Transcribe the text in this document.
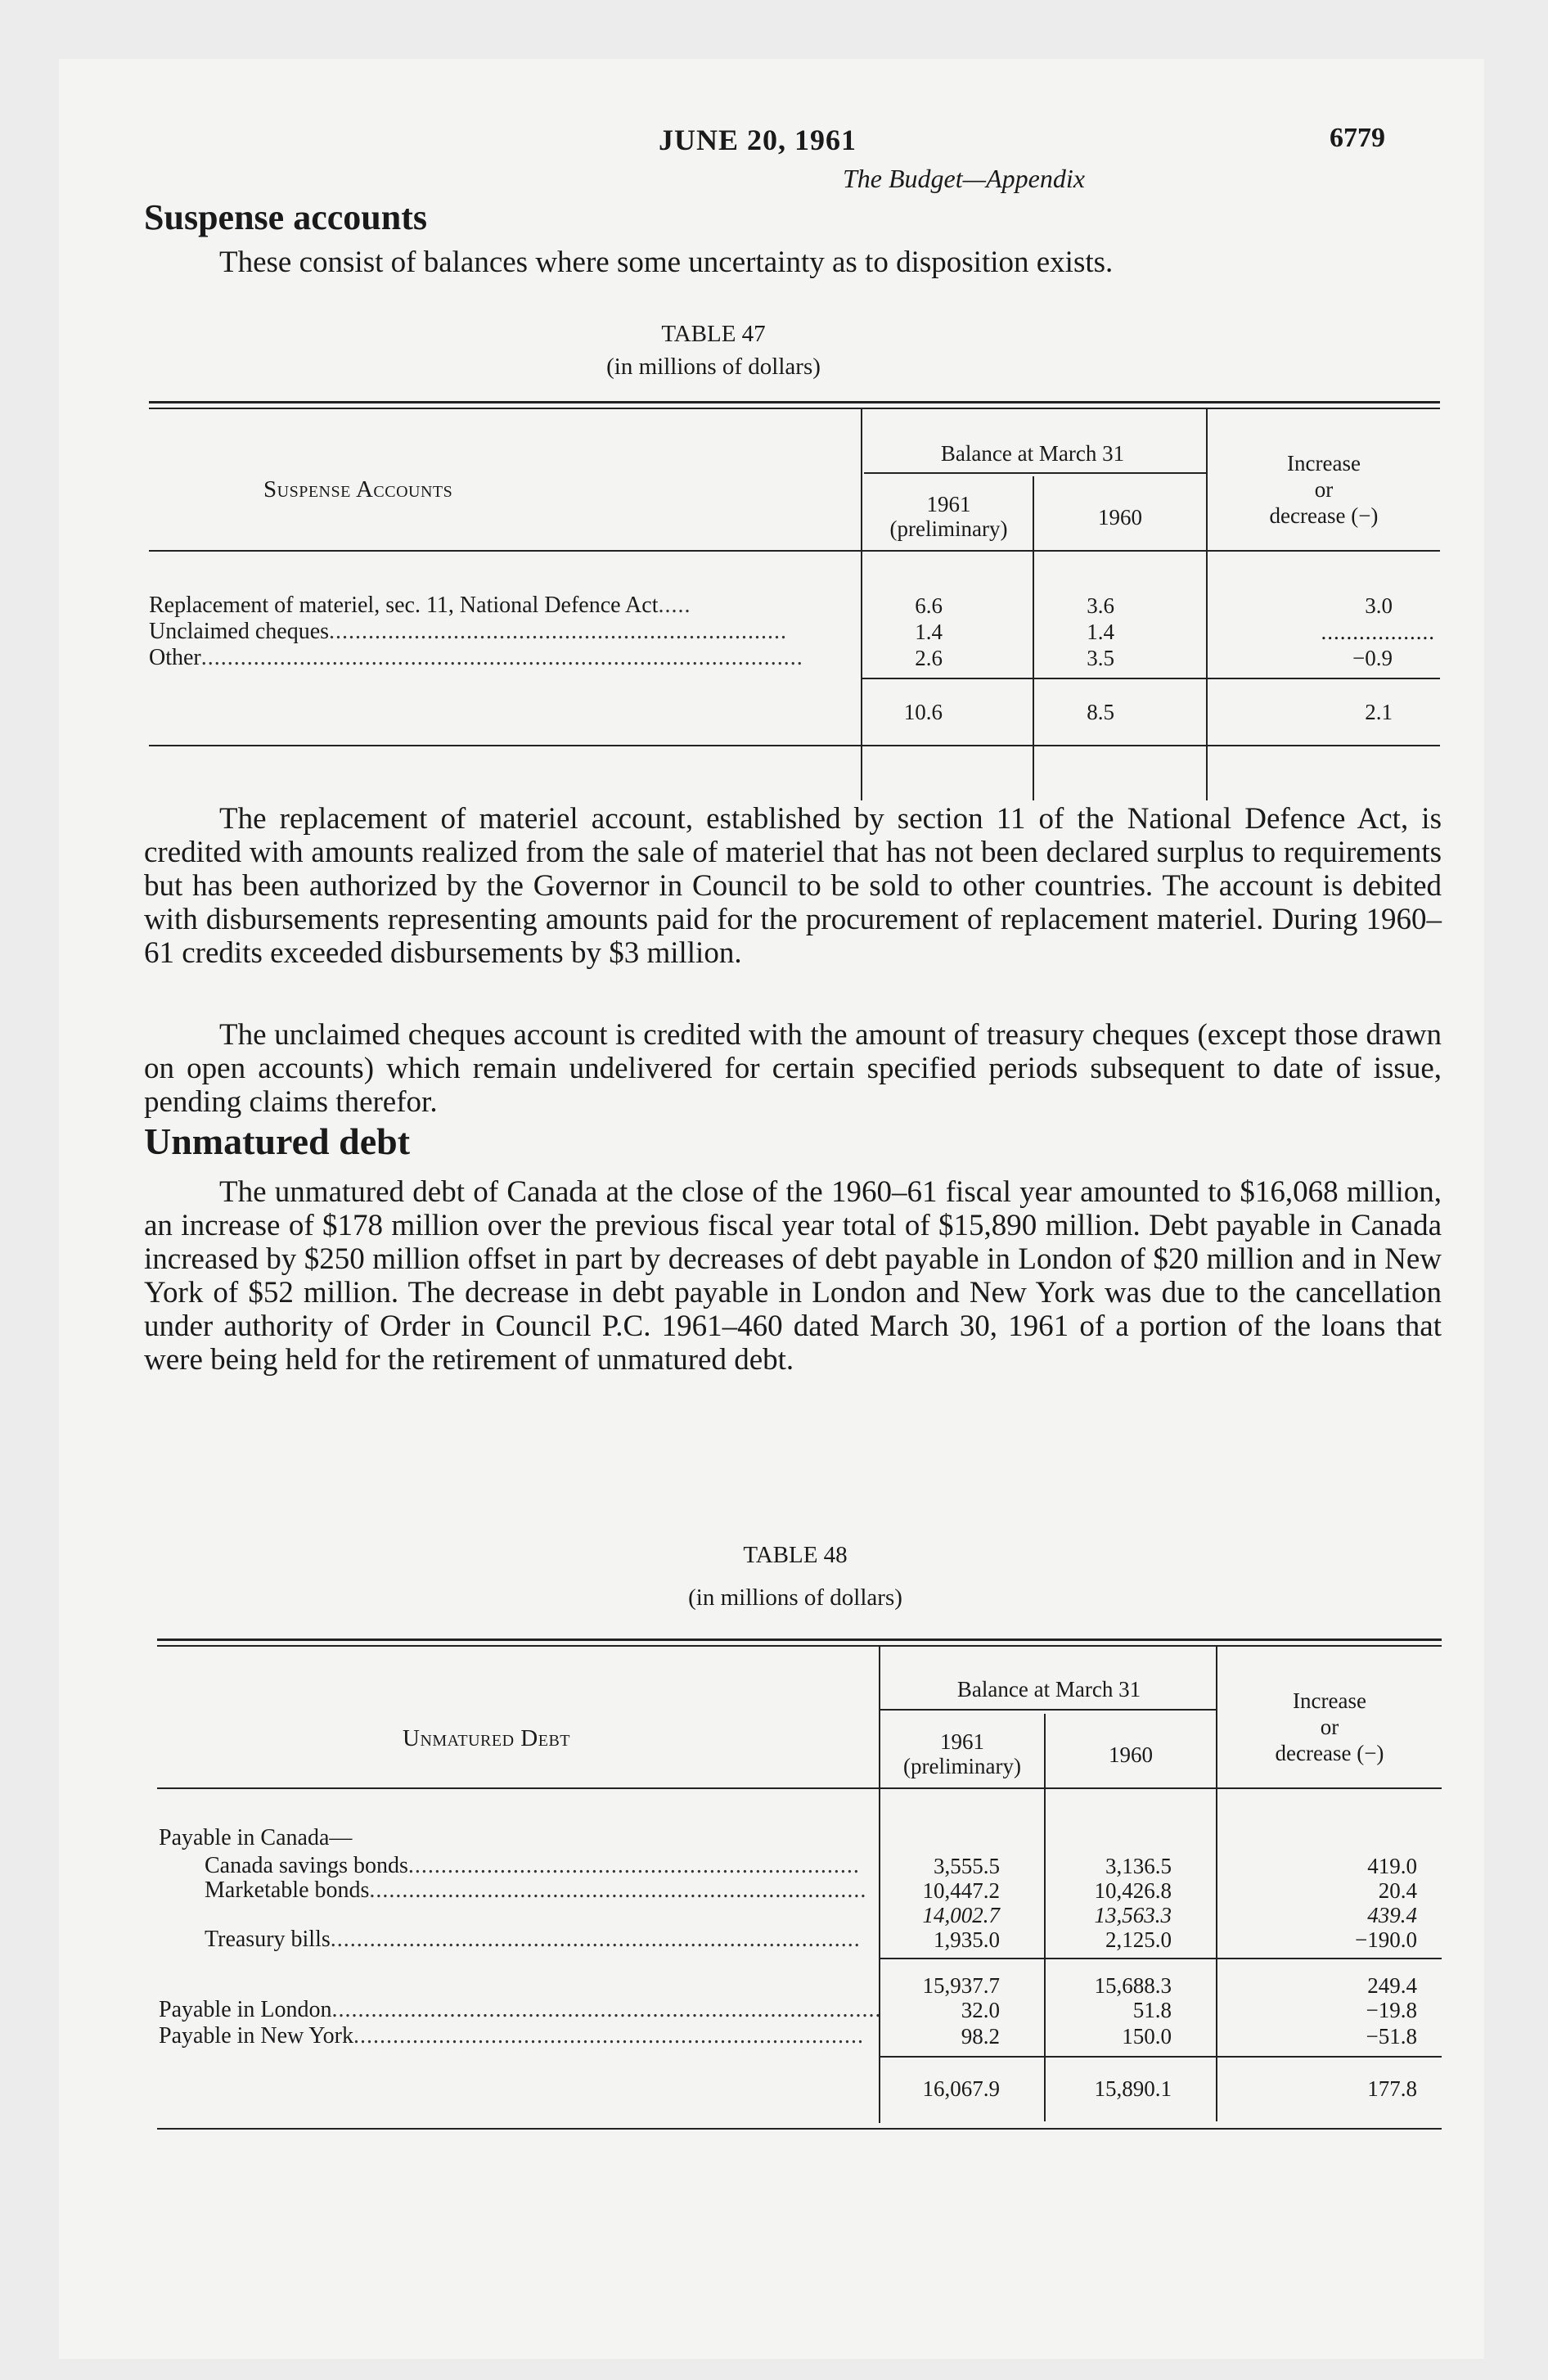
JUNE 20, 1961	6779
The Budget—Appendix
Suspense accounts
These consist of balances where some uncertainty as to disposition exists.
TABLE 47
(in millions of dollars)
Suspense Accounts
Balance at March 31
1961
(preliminary)	1960
Increase
or
decrease (−)
Replacement of materiel, sec. 11, National Defence Act.....	6.6	3.6	3.0
Unclaimed cheques......................................................................	1.4	1.4	..................
Other............................................................................................	2.6	3.5	−0.9
10.6	8.5	2.1
The replacement of materiel account, established by section 11 of the National Defence Act, is credited with amounts realized from the sale of materiel that has not been declared surplus to requirements but has been authorized by the Governor in Council to be sold to other countries. The account is debited with disbursements representing amounts paid for the procurement of replacement materiel. During 1960–61 credits exceeded disbursements by $3 million.
The unclaimed cheques account is credited with the amount of treasury cheques (except those drawn on open accounts) which remain undelivered for certain specified periods subsequent to date of issue, pending claims therefor.
Unmatured debt
The unmatured debt of Canada at the close of the 1960–61 fiscal year amounted to $16,068 million, an increase of $178 million over the previous fiscal year total of $15,890 million. Debt payable in Canada increased by $250 million offset in part by decreases of debt payable in London of $20 million and in New York of $52 million. The decrease in debt payable in London and New York was due to the cancellation under authority of Order in Council P.C. 1961–460 dated March 30, 1961 of a portion of the loans that were being held for the retirement of unmatured debt.
TABLE 48
(in millions of dollars)
Unmatured Debt
Balance at March 31
1961
(preliminary)	1960
Increase
or
decrease (−)
Payable in Canada—
Canada savings bonds.....................................................................	3,555.5	3,136.5	419.0
Marketable bonds............................................................................	10,447.2	10,426.8	20.4
14,002.7	13,563.3	439.4
Treasury bills.................................................................................	1,935.0	2,125.0	−190.0
15,937.7	15,688.3	249.4
Payable in London....................................................................................	32.0	51.8	−19.8
Payable in New York..............................................................................	98.2	150.0	−51.8
16,067.9	15,890.1	177.8
